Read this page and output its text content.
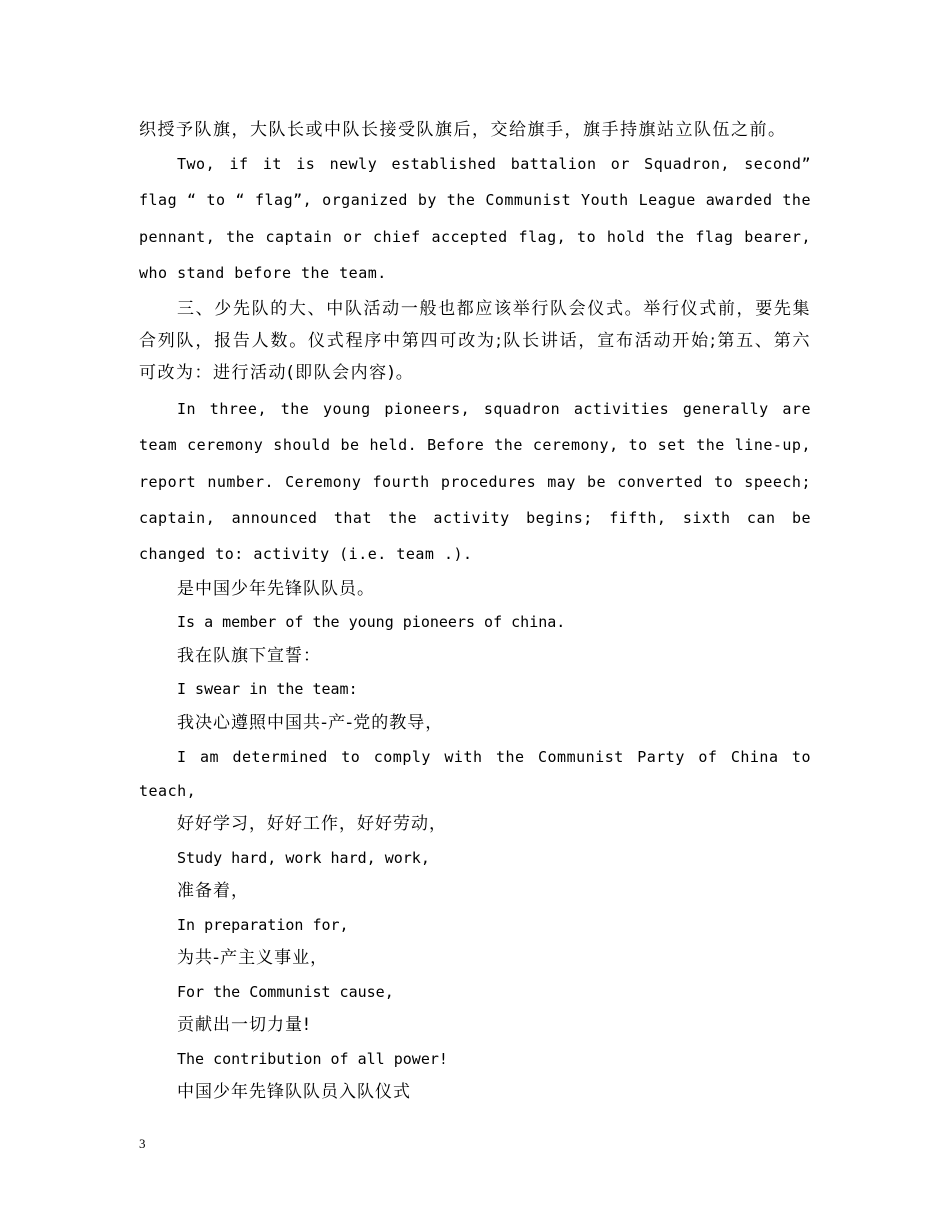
织授予队旗，大队长或中队长接受队旗后，交给旗手，旗手持旗站立队伍之前。

Two, if it is newly established battalion or Squadron, second” flag “ to “ flag”, organized by the Communist Youth League awarded the pennant, the captain or chief accepted flag, to hold the flag bearer, who stand before the team.

三、少先队的大、中队活动一般也都应该举行队会仪式。举行仪式前，要先集合列队，报告人数。仪式程序中第四可改为;队长讲话，宣布活动开始;第五、第六可改为：进行活动(即队会内容)。

In three, the young pioneers, squadron activities generally are team ceremony should be held. Before the ceremony, to set the line-up, report number. Ceremony fourth procedures may be converted to speech; captain, announced that the activity begins; fifth, sixth can be changed to: activity (i.e. team .).

是中国少年先锋队队员。

Is a member of the young pioneers of china.

我在队旗下宣誓：

I swear in the team:

我决心遵照中国共-产-党的教导，

I am determined to comply with the Communist Party of China to teach,

好好学习，好好工作，好好劳动，

Study hard, work hard, work,

准备着，

In preparation for,

为共-产主义事业，

For the Communist cause,

贡献出一切力量!

The contribution of all power!

中国少年先锋队队员入队仪式

3
